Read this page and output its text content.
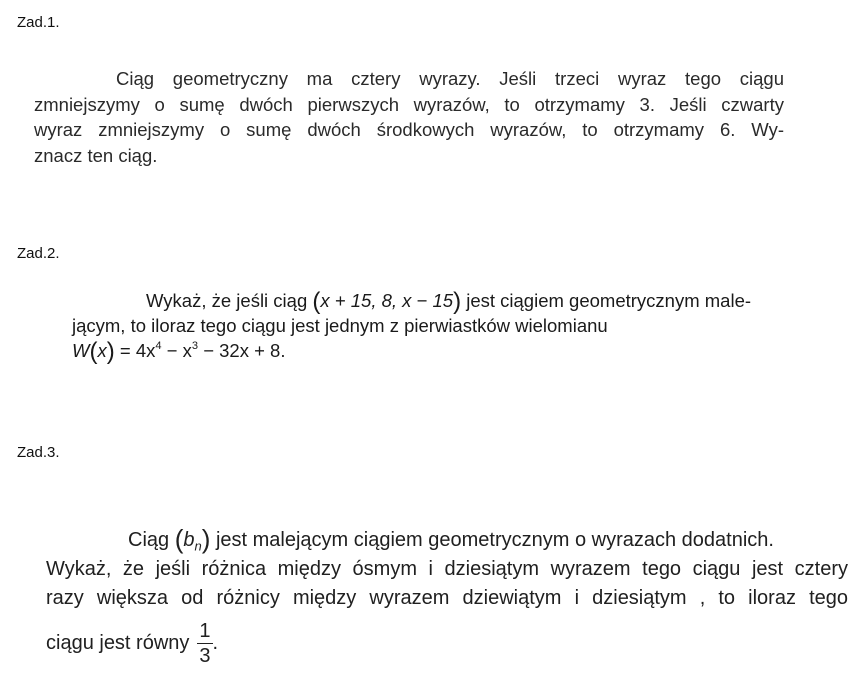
Zad.1.
Ciąg geometryczny ma cztery wyrazy. Jeśli trzeci wyraz tego ciągu
zmniejszymy o sumę dwóch pierwszych wyrazów, to otrzymamy 3. Jeśli czwarty
wyraz zmniejszymy o sumę dwóch środkowych wyrazów, to otrzymamy 6. Wy-
znacz ten ciąg.
Zad.2.
Wykaż, że jeśli ciąg (x + 15, 8, x − 15) jest ciągiem geometrycznym male-
jącym, to iloraz tego ciągu jest jednym z pierwiastków wielomianu
$W(x) = 4x^4 - x^3 - 32x + 8$.
Zad.3.
Ciąg $(b_n)$ jest malejącym ciągiem geometrycznym o wyrazach dodatnich.
Wykaż, że jeśli różnica między ósmym i dziesiątym wyrazem tego ciągu jest cztery
razy większa od różnicy między wyrazem dziewiątym i dziesiątym , to iloraz tego
ciągu jest równy $\frac{1}{3}$ .
